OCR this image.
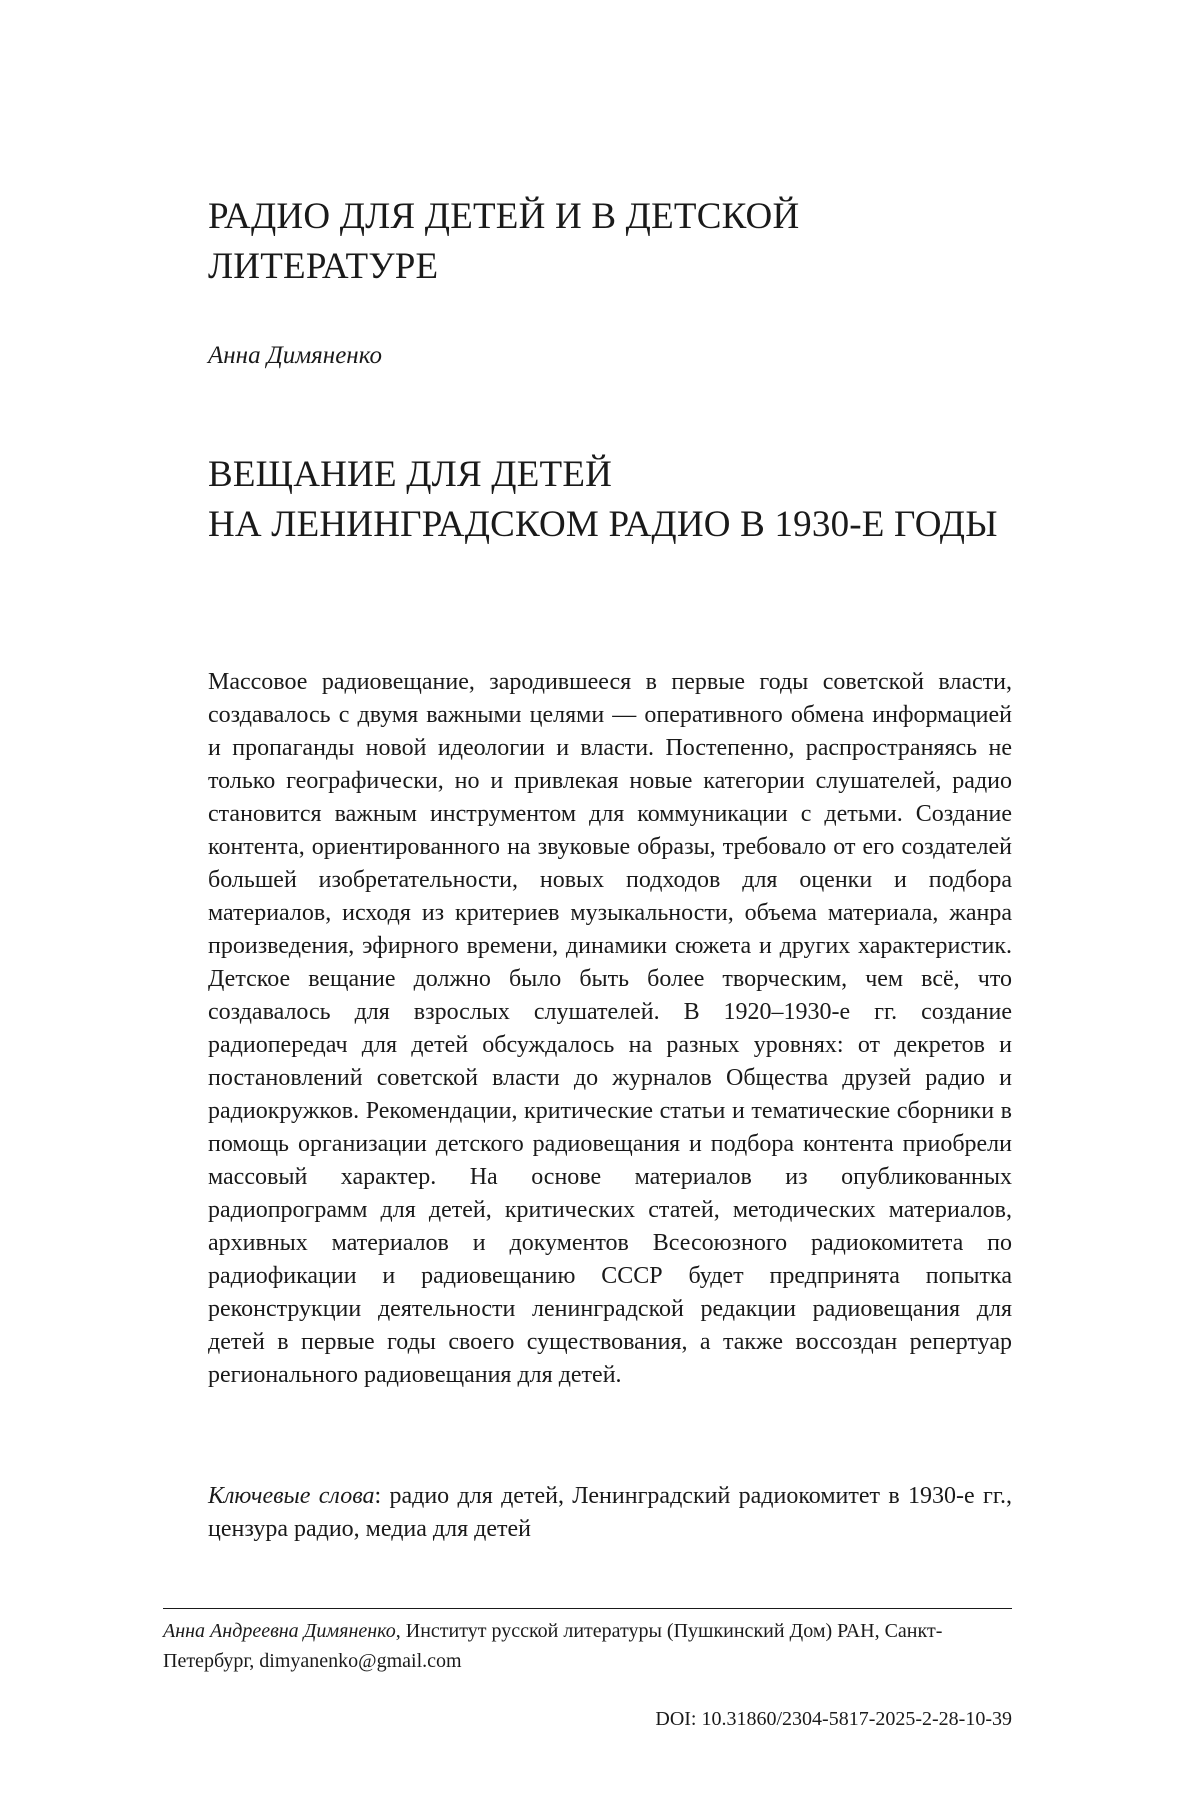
РАДИО ДЛЯ ДЕТЕЙ И В ДЕТСКОЙ
ЛИТЕРАТУРЕ

Анна Димяненко

ВЕЩАНИЕ ДЛЯ ДЕТЕЙ
НА ЛЕНИНГРАДСКОМ РАДИО В 1930-Е ГОДЫ

Массовое радиовещание, зародившееся в первые годы советской власти, создавалось с двумя важными целями — оперативного обмена информацией и пропаганды новой идеологии и власти. Постепенно, распространяясь не только географически, но и привлекая новые категории слушателей, радио становится важным инструментом для коммуникации с детьми. Создание контента, ориентированного на звуковые образы, требовало от его создателей большей изобретательности, новых подходов для оценки и подбора материалов, исходя из критериев музыкальности, объема материала, жанра произведения, эфирного времени, динамики сюжета и других характеристик. Детское вещание должно было быть более творческим, чем всё, что создавалось для взрослых слушателей. В 1920–1930-е гг. создание радиопередач для детей обсуждалось на разных уровнях: от декретов и постановлений советской власти до журналов Общества друзей радио и радиокружков. Рекомендации, критические статьи и тематические сборники в помощь организации детского радиовещания и подбора контента приобрели массовый характер. На основе материалов из опубликованных радиопрограмм для детей, критических статей, методических материалов, архивных материалов и документов Всесоюзного радиокомитета по радиофикации и радиовещанию СССР будет предпринята попытка реконструкции деятельности ленинградской редакции радиовещания для детей в первые годы своего существования, а также воссоздан репертуар регионального радиовещания для детей.

Ключевые слова: радио для детей, Ленинградский радиокомитет в 1930-е гг., цензура радио, медиа для детей

Анна Андреевна Димяненко, Институт русской литературы (Пушкинский Дом) РАН, Санкт-Петербург, dimyanenko@gmail.com

DOI: 10.31860/2304-5817-2025-2-28-10-39
